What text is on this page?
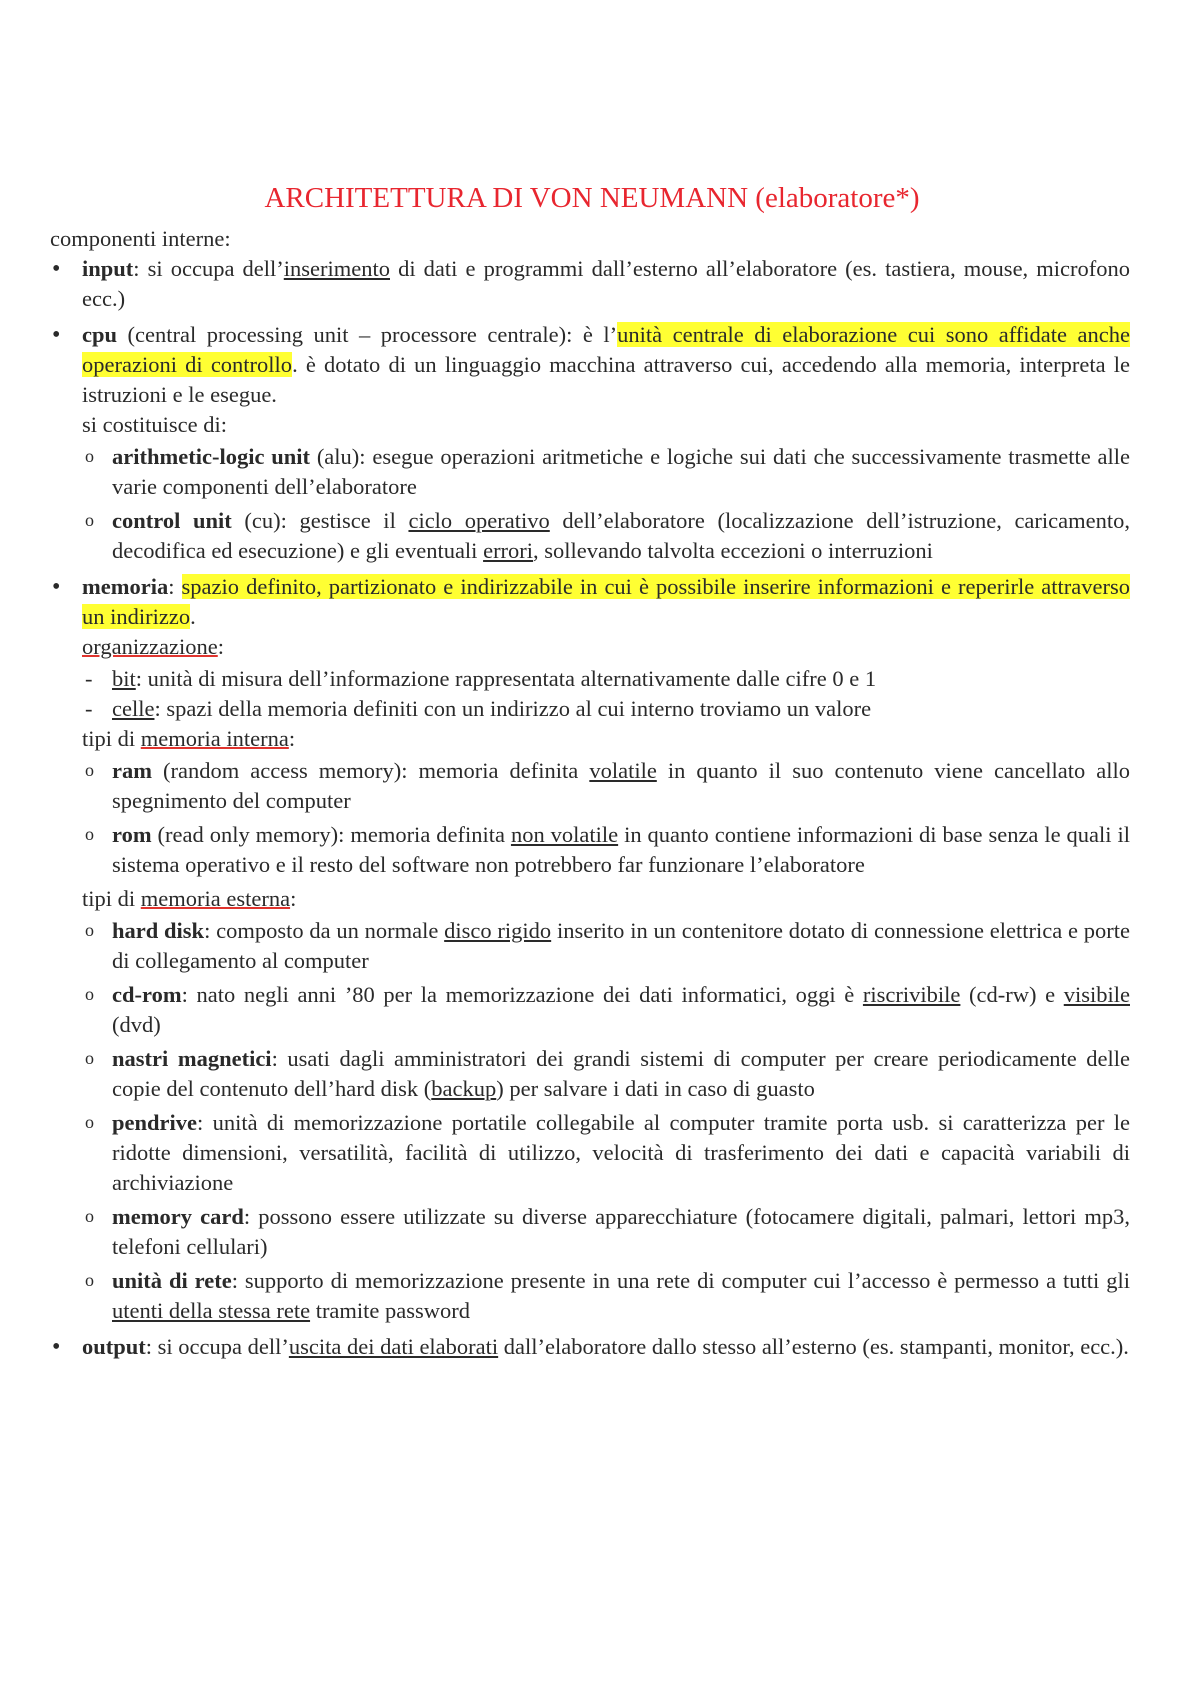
ARCHITETTURA DI VON NEUMANN (elaboratore*)

componenti interne:

• input: si occupa dell’inserimento di dati e programmi dall’esterno all’elaboratore (es. tastiera, mouse, microfono ecc.)
• cpu (central processing unit – processore centrale): è l’unità centrale di elaborazione cui sono affidate anche operazioni di controllo. è dotato di un linguaggio macchina attraverso cui, accedendo alla memoria, interpreta le istruzioni e le esegue.
si costituisce di:
o arithmetic-logic unit (alu): esegue operazioni aritmetiche e logiche sui dati che successivamente trasmette alle varie componenti dell’elaboratore
o control unit (cu): gestisce il ciclo operativo dell’elaboratore (localizzazione dell’istruzione, caricamento, decodifica ed esecuzione) e gli eventuali errori, sollevando talvolta eccezioni o interruzioni
• memoria: spazio definito, partizionato e indirizzabile in cui è possibile inserire informazioni e reperirle attraverso un indirizzo.
organizzazione:
- bit: unità di misura dell’informazione rappresentata alternativamente dalle cifre 0 e 1
- celle: spazi della memoria definiti con un indirizzo al cui interno troviamo un valore
tipi di memoria interna:
o ram (random access memory): memoria definita volatile in quanto il suo contenuto viene cancellato allo spegnimento del computer
o rom (read only memory): memoria definita non volatile in quanto contiene informazioni di base senza le quali il sistema operativo e il resto del software non potrebbero far funzionare l’elaboratore
tipi di memoria esterna:
o hard disk: composto da un normale disco rigido inserito in un contenitore dotato di connessione elettrica e porte di collegamento al computer
o cd-rom: nato negli anni ’80 per la memorizzazione dei dati informatici, oggi è riscrivibile (cd-rw) e visibile (dvd)
o nastri magnetici: usati dagli amministratori dei grandi sistemi di computer per creare periodicamente delle copie del contenuto dell’hard disk (backup) per salvare i dati in caso di guasto
o pendrive: unità di memorizzazione portatile collegabile al computer tramite porta usb. si caratterizza per le ridotte dimensioni, versatilità, facilità di utilizzo, velocità di trasferimento dei dati e capacità variabili di archiviazione
o memory card: possono essere utilizzate su diverse apparecchiature (fotocamere digitali, palmari, lettori mp3, telefoni cellulari)
o unità di rete: supporto di memorizzazione presente in una rete di computer cui l’accesso è permesso a tutti gli utenti della stessa rete tramite password
• output: si occupa dell’uscita dei dati elaborati dall’elaboratore dallo stesso all’esterno (es. stampanti, monitor, ecc.).
